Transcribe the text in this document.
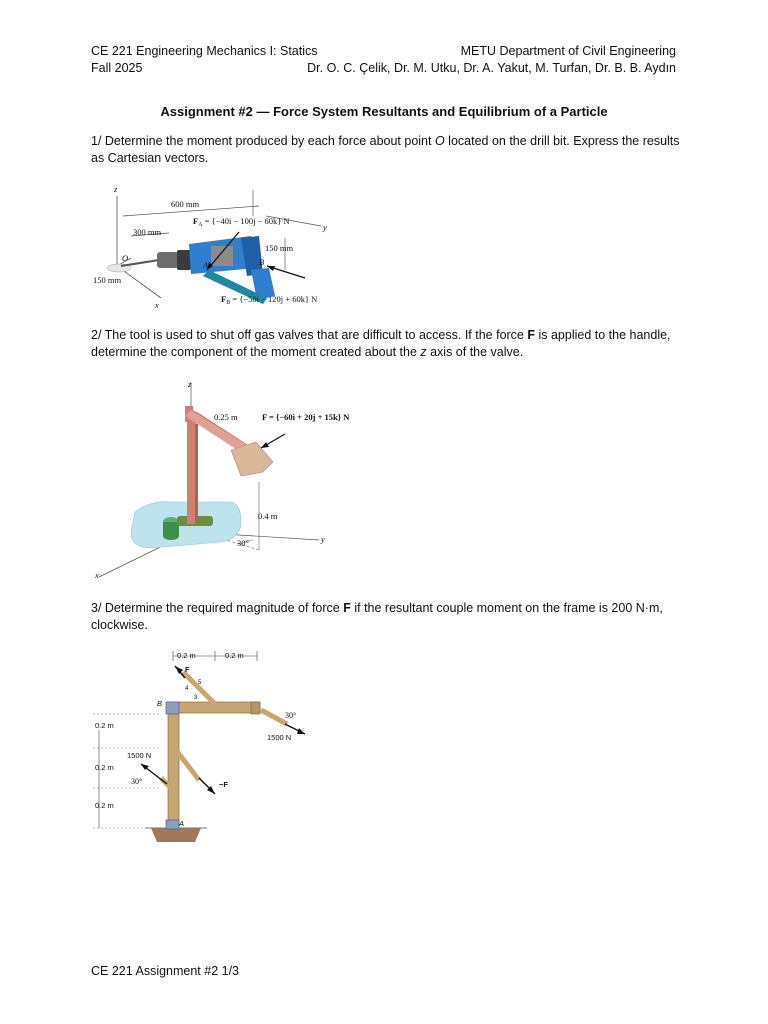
CE 221 Engineering Mechanics I: Statics	METU Department of Civil Engineering
Fall 2025	Dr. O. C. Çelik, Dr. M. Utku, Dr. A. Yakut, M. Turfan, Dr. B. B. Aydın
Assignment #2 — Force System Resultants and Equilibrium of a Particle
1/ Determine the moment produced by each force about point O located on the drill bit. Express the results as Cartesian vectors.
600 mm
300 mm
150 mm
150 mm
$F_A = \{-40i - 100j - 60k\}$ N
$F_B = \{-50i - 120j + 60k\}$ N
O
A	B
x
y
z
2/ The tool is used to shut off gas valves that are difficult to access. If the force F is applied to the handle, determine the component of the moment created about the z axis of the valve.
0.25 m	F = {−60i + 20j + 15k} N
0.4 m
30°
x
y
z
3/ Determine the required magnitude of force F if the resultant couple moment on the frame is 200 N·m, clockwise.
0.2 m	0.2 m
F
−F
B
A
4
5
3
1500 N
1500 N
30°
30°
0.2 m
0.2 m
0.2 m
CE 221 Assignment #2 1/3
